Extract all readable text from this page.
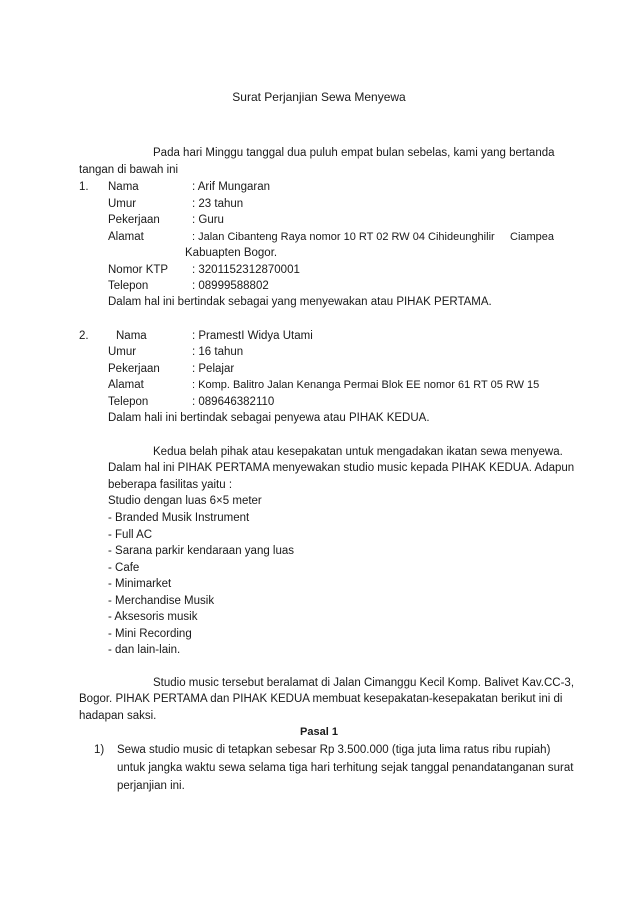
Surat Perjanjian Sewa Menyewa
Pada hari Minggu tanggal dua puluh empat bulan sebelas, kami yang bertanda
tangan di bawah ini
1. Nama	: Arif Mungaran
Umur	: 23 tahun
Pekerjaan	: Guru
Alamat	: Jalan Cibanteng Raya nomor 10 RT 02 RW 04 Cihideunghilir Ciampea
Kabuapten Bogor.
Nomor KTP : 3201152312870001
Telepon	: 08999588802
Dalam hal ini bertindak sebagai yang menyewakan atau PIHAK PERTAMA.
2. Nama	: PramestI Widya Utami
Umur	: 16 tahun
Pekerjaan	: Pelajar
Alamat	: Komp. Balitro Jalan Kenanga Permai Blok EE nomor 61 RT 05 RW 15
Telepon	: 089646382110
Dalam hali ini bertindak sebagai penyewa atau PIHAK KEDUA.
Kedua belah pihak atau kesepakatan untuk mengadakan ikatan sewa menyewa.
Dalam hal ini PIHAK PERTAMA menyewakan studio music kepada PIHAK KEDUA. Adapun
beberapa fasilitas yaitu :
Studio dengan luas 6×5 meter
- Branded Musik Instrument
- Full AC
- Sarana parkir kendaraan yang luas
- Cafe
- Minimarket
- Merchandise Musik
- Aksesoris musik
- Mini Recording
- dan lain-lain.
Studio music tersebut beralamat di Jalan Cimanggu Kecil Komp. Balivet Kav.CC-3,
Bogor. PIHAK PERTAMA dan PIHAK KEDUA membuat kesepakatan-kesepakatan berikut ini di
hadapan saksi.
Pasal 1
1) Sewa studio music di tetapkan sebesar Rp 3.500.000 (tiga juta lima ratus ribu rupiah)
untuk jangka waktu sewa selama tiga hari terhitung sejak tanggal penandatanganan surat
perjanjian ini.
